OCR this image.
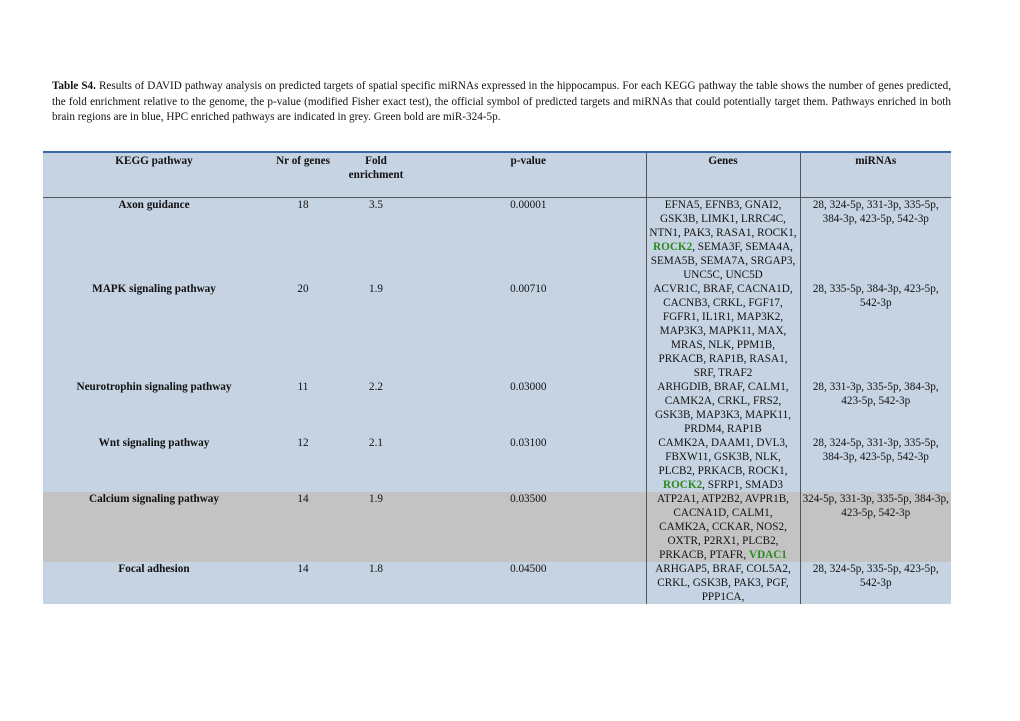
Table S4. Results of DAVID pathway analysis on predicted targets of spatial specific miRNAs expressed in the hippocampus. For each KEGG pathway the table shows the number of genes predicted, the fold enrichment relative to the genome, the p-value (modified Fisher exact test), the official symbol of predicted targets and miRNAs that could potentially target them. Pathways enriched in both brain regions are in blue, HPC enriched pathways are indicated in grey. Green bold are miR-324-5p.

KEGG pathway	Nr of genes	Fold enrichment	p-value	Genes	miRNAs
Axon guidance	18	3.5	0.00001	EFNA5, EFNB3, GNAI2, GSK3B, LIMK1, LRRC4C, NTN1, PAK3, RASA1, ROCK1, ROCK2, SEMA3F, SEMA4A, SEMA5B, SEMA7A, SRGAP3, UNC5C, UNC5D	28, 324-5p, 331-3p, 335-5p, 384-3p, 423-5p, 542-3p
MAPK signaling pathway	20	1.9	0.00710	ACVR1C, BRAF, CACNA1D, CACNB3, CRKL, FGF17, FGFR1, IL1R1, MAP3K2, MAP3K3, MAPK11, MAX, MRAS, NLK, PPM1B, PRKACB, RAP1B, RASA1, SRF, TRAF2	28, 335-5p, 384-3p, 423-5p, 542-3p
Neurotrophin signaling pathway	11	2.2	0.03000	ARHGDIB, BRAF, CALM1, CAMK2A, CRKL, FRS2, GSK3B, MAP3K3, MAPK11, PRDM4, RAP1B	28, 331-3p, 335-5p, 384-3p, 423-5p, 542-3p
Wnt signaling pathway	12	2.1	0.03100	CAMK2A, DAAM1, DVL3, FBXW11, GSK3B, NLK, PLCB2, PRKACB, ROCK1, ROCK2, SFRP1, SMAD3	28, 324-5p, 331-3p, 335-5p, 384-3p, 423-5p, 542-3p
Calcium signaling pathway	14	1.9	0.03500	ATP2A1, ATP2B2, AVPR1B, CACNA1D, CALM1, CAMK2A, CCKAR, NOS2, OXTR, P2RX1, PLCB2, PRKACB, PTAFR, VDAC1	324-5p, 331-3p, 335-5p, 384-3p, 423-5p, 542-3p
Focal adhesion	14	1.8	0.04500	ARHGAP5, BRAF, COL5A2, CRKL, GSK3B, PAK3, PGF, PPP1CA,	28, 324-5p, 335-5p, 423-5p, 542-3p
